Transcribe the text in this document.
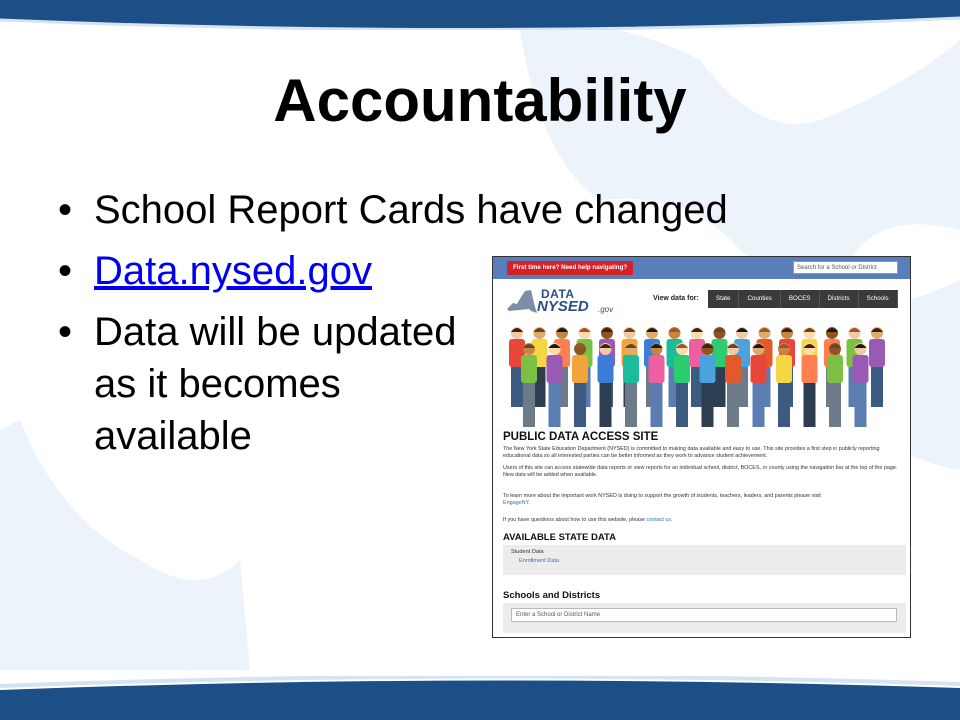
Accountability
• School Report Cards have changed
• Data.nysed.gov
• Data will be updated
as it becomes
available
First time here? Need help navigating?	Search for a School or District
DATA
NYSED .gov
View data for:	State	Counties	BOCES	Districts	Schools
PUBLIC DATA ACCESS SITE

The New York State Education Department (NYSED) is committed to making data available and easy to use. This site provides a first step in publicly reporting educational data so all interested parties can be better informed as they work to advance student achievement.

Users of this site can access statewide data reports or view reports for an individual school, district, BOCES, or county using the navigation bar at the top of the page. New data will be added when available.

To learn more about the important work NYSED is doing to support the growth of students, teachers, leaders, and parents please visit
EngageNY.

If you have questions about how to use this website, please contact us.

AVAILABLE STATE DATA
Student Data
Enrollment Data
Schools and Districts
Enter a School or District Name
